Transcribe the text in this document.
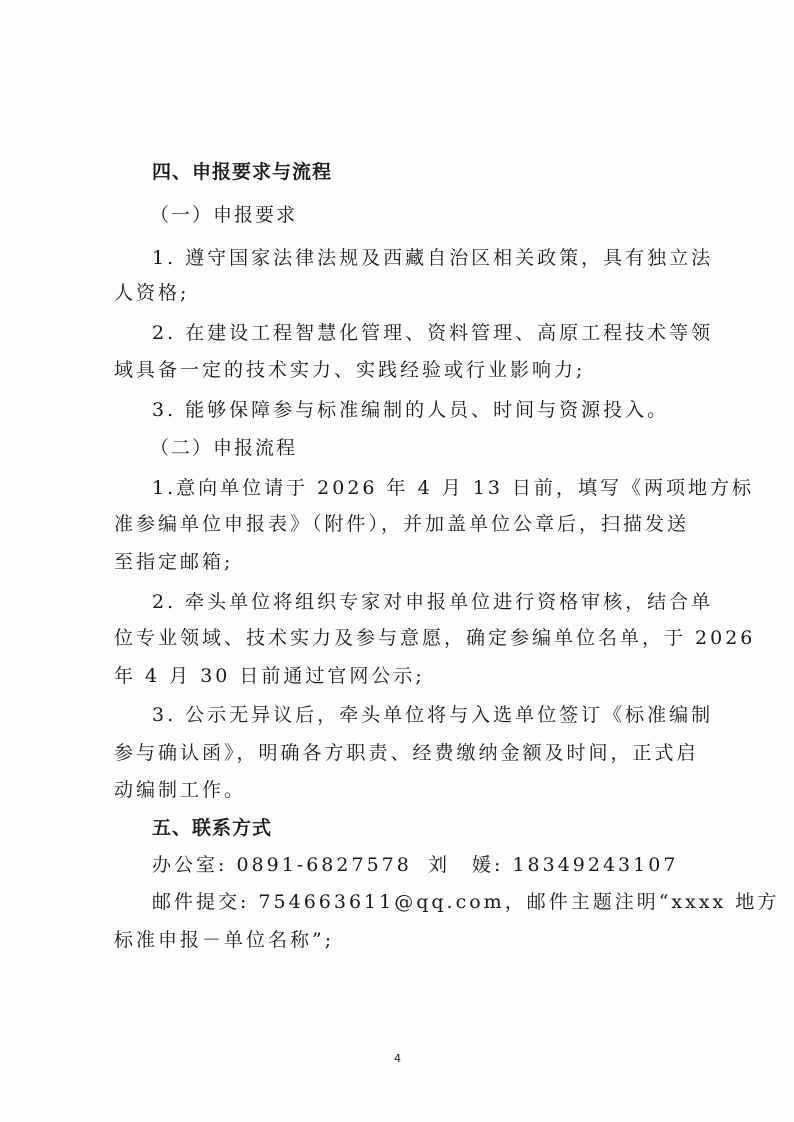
四、申报要求与流程
（一）申报要求
1. 遵守国家法律法规及西藏自治区相关政策，具有独立法
人资格;
2. 在建设工程智慧化管理、资料管理、高原工程技术等领
域具备一定的技术实力、实践经验或行业影响力;
3. 能够保障参与标准编制的人员、时间与资源投入。
（二）申报流程
1.意向单位请于 2026 年 4 月 13 日前，填写《两项地方标
准参编单位申报表》（附件），并加盖单位公章后，扫描发送
至指定邮箱;
2. 牵头单位将组织专家对申报单位进行资格审核，结合单
位专业领域、技术实力及参与意愿，确定参编单位名单，于 2026
年 4 月 30 日前通过官网公示;
3. 公示无异议后，牵头单位将与入选单位签订《标准编制
参与确认函》，明确各方职责、经费缴纳金额及时间，正式启
动编制工作。
五、联系方式
办公室: 0891-6827578 刘　媛: 18349243107
邮件提交: 754663611@qq.com，邮件主题注明“xxxx 地方
标准申报－单位名称”;
4
